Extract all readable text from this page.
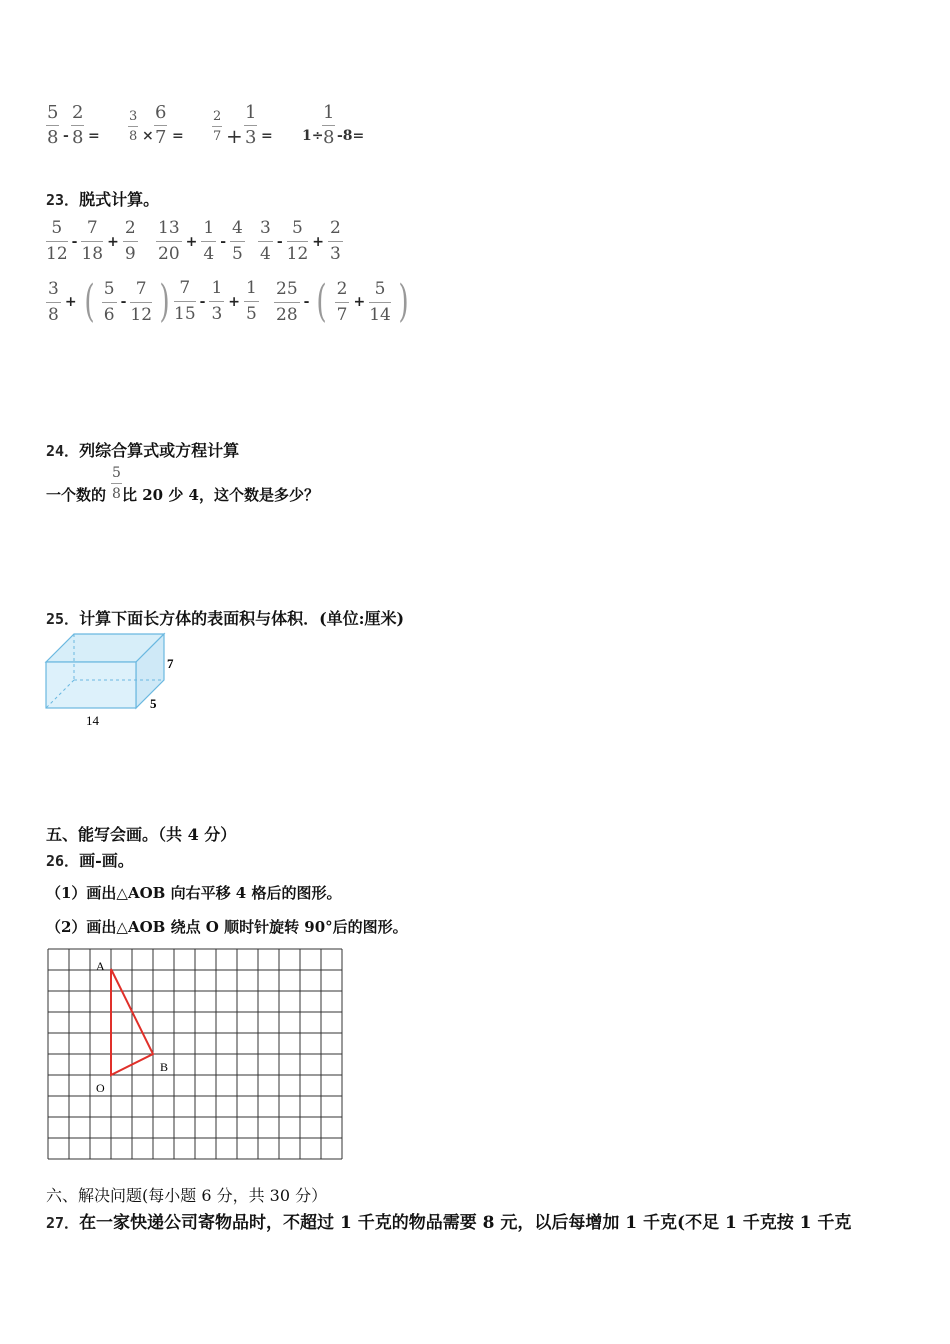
5
8 -
2
8 =
3
8 ×
6
7 =
2
7 +
1
3 = 1÷
1
8 -8=
23．脱式计算。
5
12
-
7
18
+
2
9
13
20
+
1
4
-
4
5
3
4
-
5
12
+
2
3
3
8
+ ( 5
6
-
7
12 ) 7
15
-
1
3
+
1
5
25
28
- ( 2
7
+
5
14 )
24．列综合算式或方程计算
一个数的
5
8 比 20 少 4，这个数是多少？
25．计算下面长方体的表面积与体积．(单位:厘米)
7
5
14
五、能写会画。（共 4 分）
26．画-画。
（1）画出△AOB 向右平移 4 格后的图形。
（2）画出△AOB 绕点 O 顺时针旋转 90°后的图形。
A
B
O
六、解决问题(每小题 6 分，共 30 分）
27．在一家快递公司寄物品时，不超过 1 千克的物品需要 8 元，以后每增加 1 千克(不足 1 千克按 1 千克
